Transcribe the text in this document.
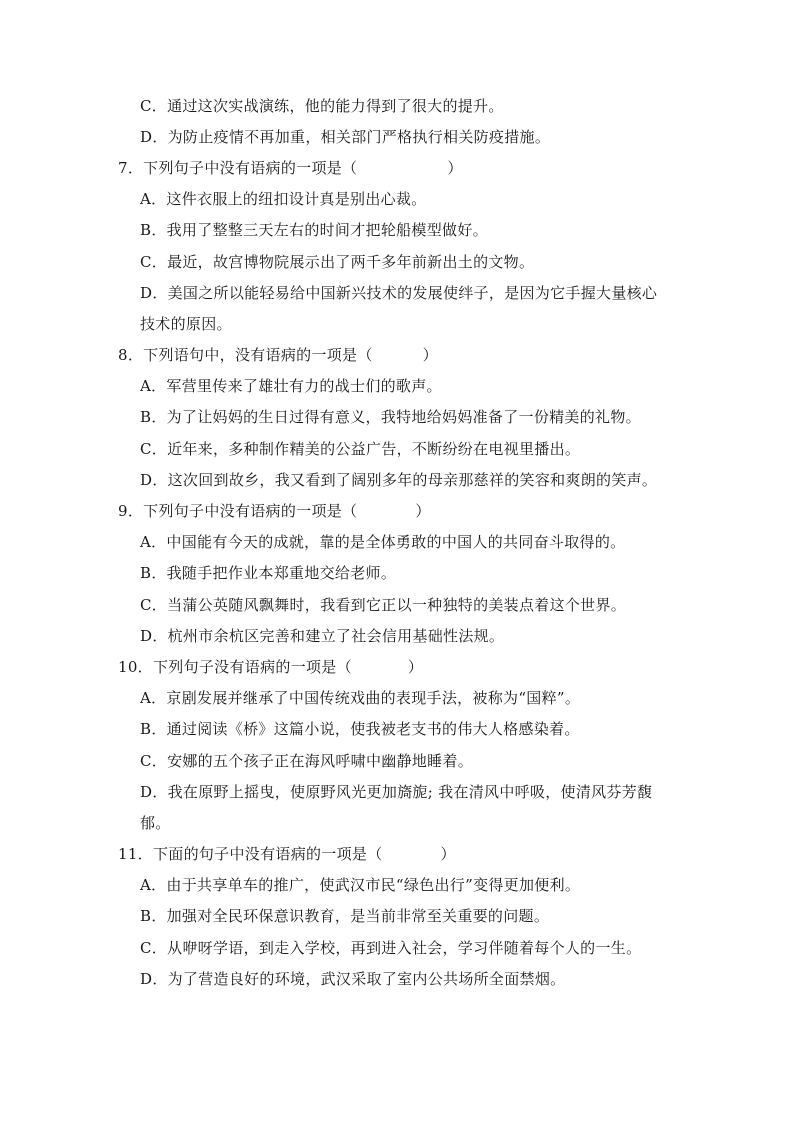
C．通过这次实战演练，他的能力得到了很大的提升。
D．为防止疫情不再加重，相关部门严格执行相关防疫措施。
7．下列句子中没有语病的一项是（	）
A．这件衣服上的纽扣设计真是别出心裁。
B．我用了整整三天左右的时间才把轮船模型做好。
C．最近，故宫博物院展示出了两千多年前新出土的文物。
D．美国之所以能轻易给中国新兴技术的发展使绊子，是因为它手握大量核心
技术的原因。
8．下列语句中，没有语病的一项是（	）
A．军营里传来了雄壮有力的战士们的歌声。
B．为了让妈妈的生日过得有意义，我特地给妈妈准备了一份精美的礼物。
C．近年来，多种制作精美的公益广告，不断纷纷在电视里播出。
D．这次回到故乡，我又看到了阔别多年的母亲那慈祥的笑容和爽朗的笑声。
9．下列句子中没有语病的一项是（	）
A．中国能有今天的成就，靠的是全体勇敢的中国人的共同奋斗取得的。
B．我随手把作业本郑重地交给老师。
C．当蒲公英随风飘舞时，我看到它正以一种独特的美装点着这个世界。
D．杭州市余杭区完善和建立了社会信用基础性法规。
10．下列句子没有语病的一项是（	）
A．京剧发展并继承了中国传统戏曲的表现手法，被称为“国粹”。
B．通过阅读《桥》这篇小说，使我被老支书的伟大人格感染着。
C．安娜的五个孩子正在海风呼啸中幽静地睡着。
D．我在原野上摇曳，使原野风光更加旖旎; 我在清风中呼吸，使清风芬芳馥
郁。
11．下面的句子中没有语病的一项是（	）
A．由于共享单车的推广，使武汉市民“绿色出行”变得更加便利。
B．加强对全民环保意识教育，是当前非常至关重要的问题。
C．从咿呀学语，到走入学校，再到进入社会，学习伴随着每个人的一生。
D．为了营造良好的环境，武汉采取了室内公共场所全面禁烟。
